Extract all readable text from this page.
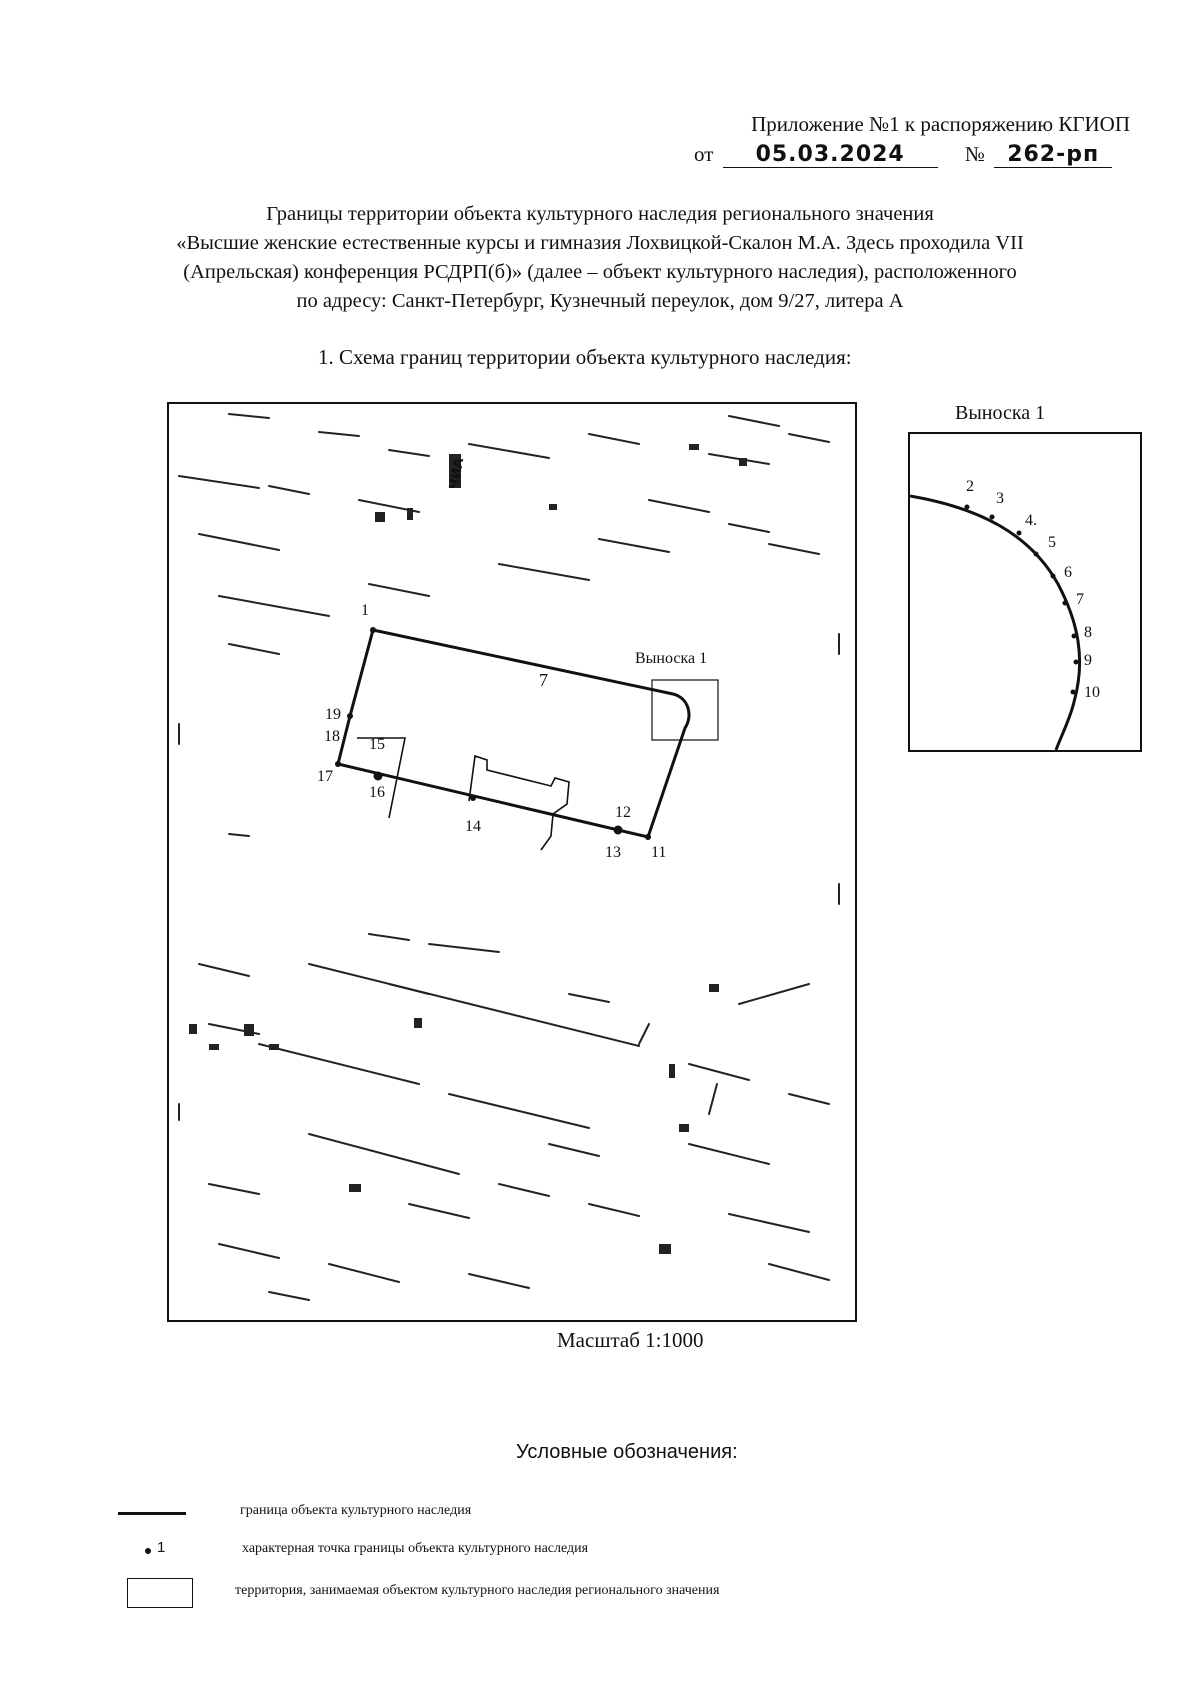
Приложение №1 к распоряжению КГИОП
от 05.03.2024	№ 262-рп
Границы территории объекта культурного наследия регионального значения
«Высшие женские естественные курсы и гимназия Лохвицкой-Скалон М.А. Здесь проходила VII
(Апрельская) конференция РСДРП(б)» (далее – объект культурного наследия), расположенного
по адресу: Санкт-Петербург, Кузнечный переулок, дом 9/27, литера А
1. Схема границ территории объекта культурного наследия:
Выноска 1
ЧИА
7
1
11
12
13
14
15
16
17
18
19
Выноска 1
2
3
4.
5
6
7
8
9
10
Масштаб 1:1000
Условные обозначения:
граница объекта культурного наследия
1	характерная точка границы объекта культурного наследия
территория, занимаемая объектом культурного наследия регионального значения
